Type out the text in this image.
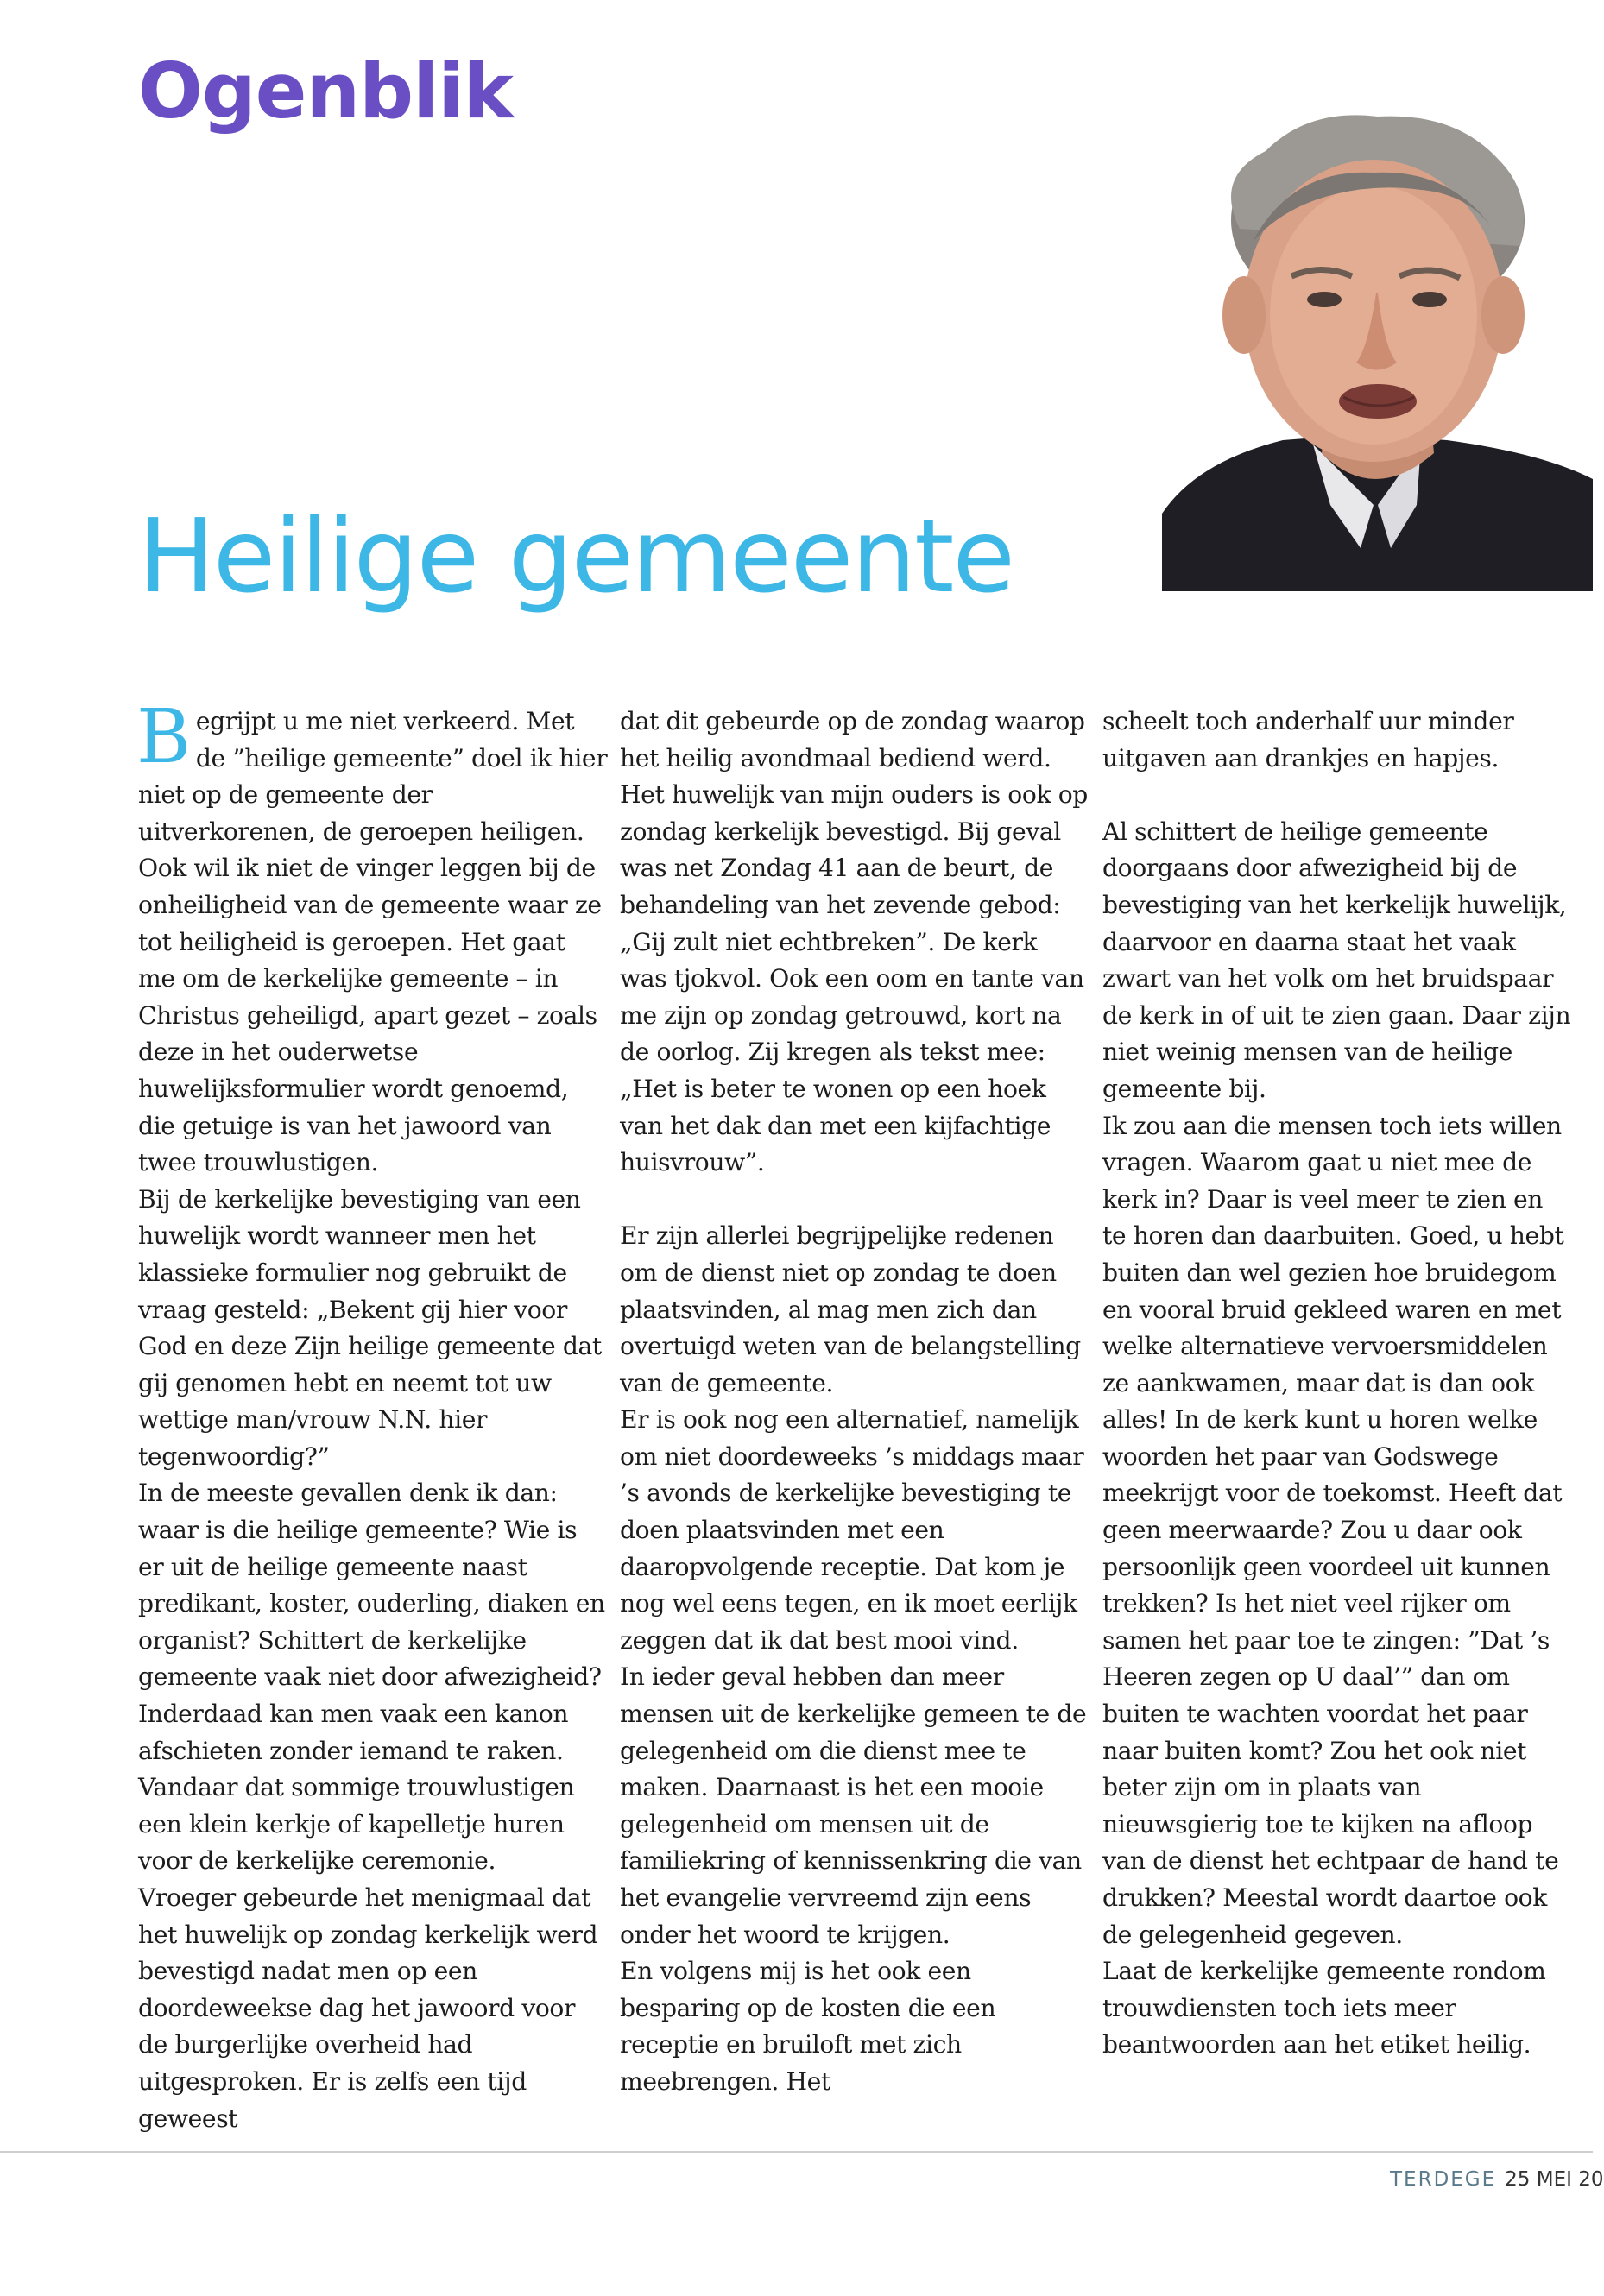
Ogenblik
Heilige gemeente

Begrijpt u me niet verkeerd. Met de ”heilige gemeente” doel ik hier niet op de gemeente der uitverkorenen, de geroepen heiligen. Ook wil ik niet de vinger leggen bij de onheiligheid van de gemeente waar ze tot heiligheid is geroepen. Het gaat me om de kerkelijke gemeente – in Christus geheiligd, apart gezet – zoals deze in het ouderwetse huwelijksformulier wordt genoemd, die getuige is van het jawoord van twee trouwlustigen.

Bij de kerkelijke bevestiging van een huwelijk wordt wanneer men het klassieke formulier nog gebruikt de vraag gesteld: „Bekent gij hier voor God en deze Zijn heilige gemeente dat gij genomen hebt en neemt tot uw wettige man/vrouw N.N. hier tegenwoordig?”

In de meeste gevallen denk ik dan: waar is die heilige gemeente? Wie is er uit de heilige gemeente naast predikant, koster, ouderling, diaken en organist? Schittert de kerkelijke gemeente vaak niet door afwezigheid? Inderdaad kan men vaak een kanon afschieten zonder iemand te raken. Vandaar dat sommige trouwlustigen een klein kerkje of kapelletje huren voor de kerkelijke ceremonie.

Vroeger gebeurde het menigmaal dat het huwelijk op zondag kerkelijk werd bevestigd nadat men op een doordeweekse dag het jawoord voor de burgerlijke overheid had uitgesproken. Er is zelfs een tijd geweest

dat dit gebeurde op de zondag waarop het heilig avondmaal bediend werd. Het huwelijk van mijn ouders is ook op zondag kerkelijk bevestigd. Bij geval was net Zondag 41 aan de beurt, de behandeling van het zevende gebod: „Gij zult niet echtbreken”. De kerk was tjokvol. Ook een oom en tante van me zijn op zondag getrouwd, kort na de oorlog. Zij kregen als tekst mee: „Het is beter te wonen op een hoek van het dak dan met een kijfachtige huisvrouw”.

Er zijn allerlei begrijpelijke redenen om de dienst niet op zondag te doen plaatsvinden, al mag men zich dan overtuigd weten van de belangstelling van de gemeente.

Er is ook nog een alternatief, namelijk om niet doordeweeks ’s middags maar ’s avonds de kerkelijke bevestiging te doen plaatsvinden met een daaropvolgende receptie. Dat kom je nog wel eens tegen, en ik moet eerlijk zeggen dat ik dat best mooi vind.

In ieder geval hebben dan meer mensen uit de kerkelijke gemeen te de gelegenheid om die dienst mee te maken. Daarnaast is het een mooie gelegenheid om mensen uit de familiekring of kennissenkring die van het evangelie vervreemd zijn eens onder het woord te krijgen.

En volgens mij is het ook een besparing op de kosten die een receptie en bruiloft met zich meebrengen. Het

scheelt toch anderhalf uur minder uitgaven aan drankjes en hapjes.

Al schittert de heilige gemeente doorgaans door afwezigheid bij de bevestiging van het kerkelijk huwelijk, daarvoor en daarna staat het vaak zwart van het volk om het bruidspaar de kerk in of uit te zien gaan. Daar zijn niet weinig mensen van de heilige gemeente bij.

Ik zou aan die mensen toch iets willen vragen. Waarom gaat u niet mee de kerk in? Daar is veel meer te zien en te horen dan daarbuiten. Goed, u hebt buiten dan wel gezien hoe bruidegom en vooral bruid gekleed waren en met welke alternatieve vervoersmiddelen ze aankwamen, maar dat is dan ook alles! In de kerk kunt u horen welke woorden het paar van Godswege meekrijgt voor de toekomst. Heeft dat geen meerwaarde? Zou u daar ook persoonlijk geen voordeel uit kunnen trekken? Is het niet veel rijker om samen het paar toe te zingen: ”Dat ’s Heeren zegen op U daal’” dan om buiten te wachten voordat het paar naar buiten komt? Zou het ook niet beter zijn om in plaats van nieuwsgierig toe te kijken na afloop van de dienst het echtpaar de hand te drukken? Meestal wordt daartoe ook de gelegenheid gegeven.

Laat de kerkelijke gemeente rondom trouwdiensten toch iets meer beantwoorden aan het etiket heilig.

TERDEGE 25 MEI 20
